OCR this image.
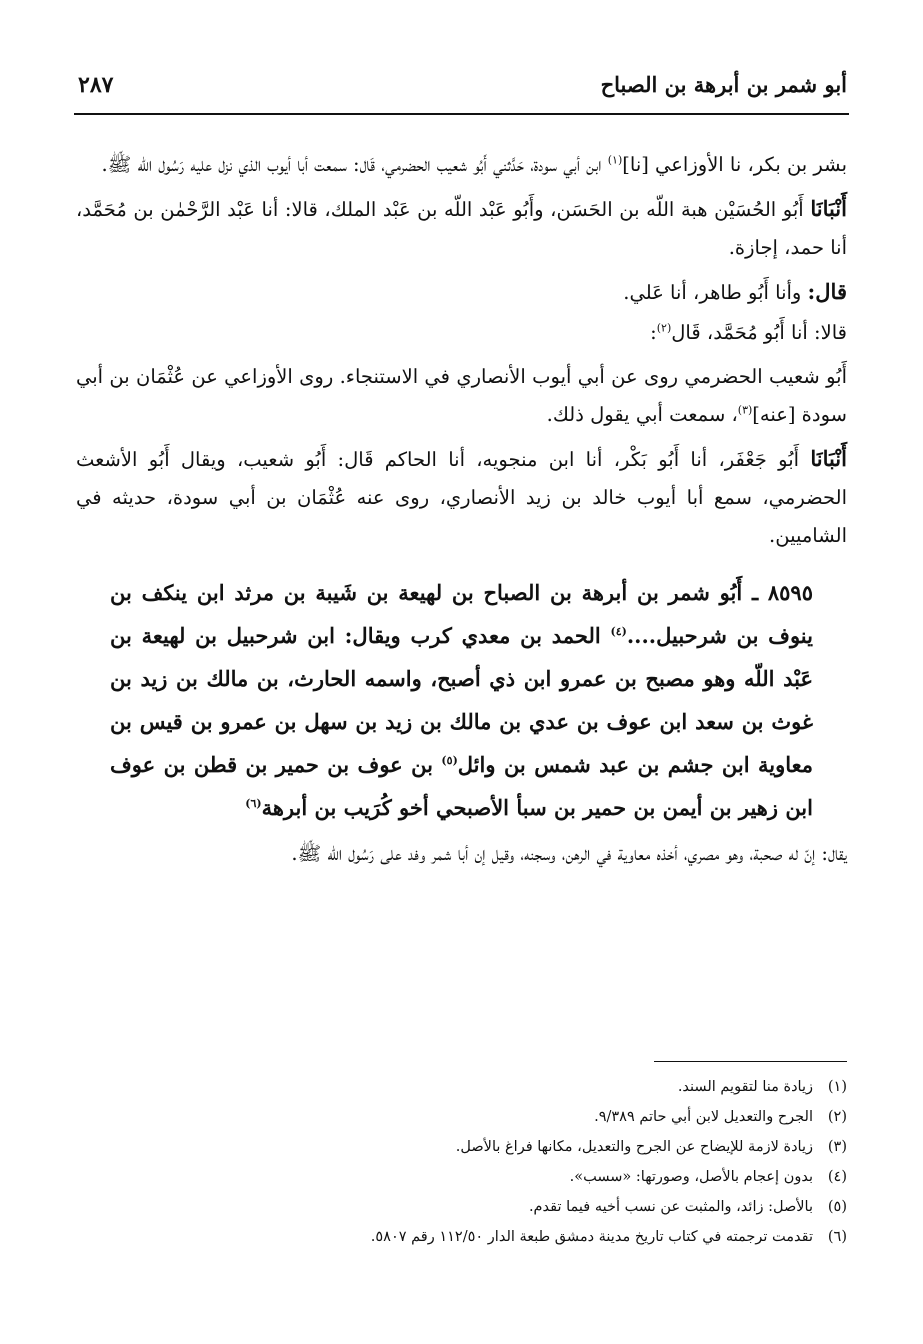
٢٨٧	أبو شمر بن أبرهة بن الصباح

بشر بن بكر، نا الأوزاعي [نا]$^{(١)}$ ابن أبي سودة، حَدَّثني أَبُو شعيب الحضرمي، قَال: سمعت أبا أيوب الذي نزل عليه رَسُول الله ﷺ.

أَنْبَانَا أَبُو الحُسَيْن هبة اللّه بن الحَسَن، وأَبُو عَبْد اللّه بن عَبْد الملك، قالا: أنا عَبْد الرَّحْمٰن بن مُحَمَّد، أنا حمد، إجازة.

قال: وأنا أَبُو طاهر، أنا عَلي.

قالا: أنا أَبُو مُحَمَّد، قَال$^{(٢)}$:

أَبُو شعيب الحضرمي روى عن أبي أيوب الأنصاري في الاستنجاء. روى الأوزاعي عن عُثْمَان بن أبي سودة [عنه]$^{(٣)}$، سمعت أبي يقول ذلك.

أَنْبَانَا أَبُو جَعْفَر، أنا أَبُو بَكْر، أنا ابن منجويه، أنا الحاكم قَال: أَبُو شعيب، ويقال أَبُو الأشعث الحضرمي، سمع أبا أيوب خالد بن زيد الأنصاري، روى عنه عُثْمَان بن أبي سودة، حديثه في الشاميين.

٨٥٩٥ ـ أَبُو شمر بن أبرهة بن الصباح بن لهيعة بن شَيبة بن مرثد ابن ينكف بن ينوف بن شرحبيل....$^{(٤)}$ الحمد بن معدي كرب ويقال: ابن شرحبيل بن لهيعة بن عَبْد اللّه وهو مصبح بن عمرو ابن ذي أصبح، واسمه الحارث، بن مالك بن زيد بن غوث بن سعد ابن عوف بن عدي بن مالك بن زيد بن سهل بن عمرو بن قيس بن معاوية ابن جشم بن عبد شمس بن وائل$^{(٥)}$ بن عوف بن حمير بن قطن بن عوف ابن زهير بن أيمن بن حمير بن سبأ الأصبحي أخو كُرَيب بن أبرهة$^{(٦)}$

يقال: إنّ له صحبة، وهو مصري، أخذه معاوية في الرهن، وسجنه، وقيل إن أبا شمر وفد على رَسُول الله ﷺ.

(١)زيادة منا لتقويم السند.
(٢)الجرح والتعديل لابن أبي حاتم ٩/٣٨٩.
(٣)زيادة لازمة للإيضاح عن الجرح والتعديل، مكانها فراغ بالأصل.
(٤)بدون إعجام بالأصل، وصورتها: «سسب».
(٥)بالأصل: زائد، والمثبت عن نسب أخيه فيما تقدم.
(٦)تقدمت ترجمته في كتاب تاريخ مدينة دمشق طبعة الدار ١١٢/٥٠ رقم ٥٨٠٧.
